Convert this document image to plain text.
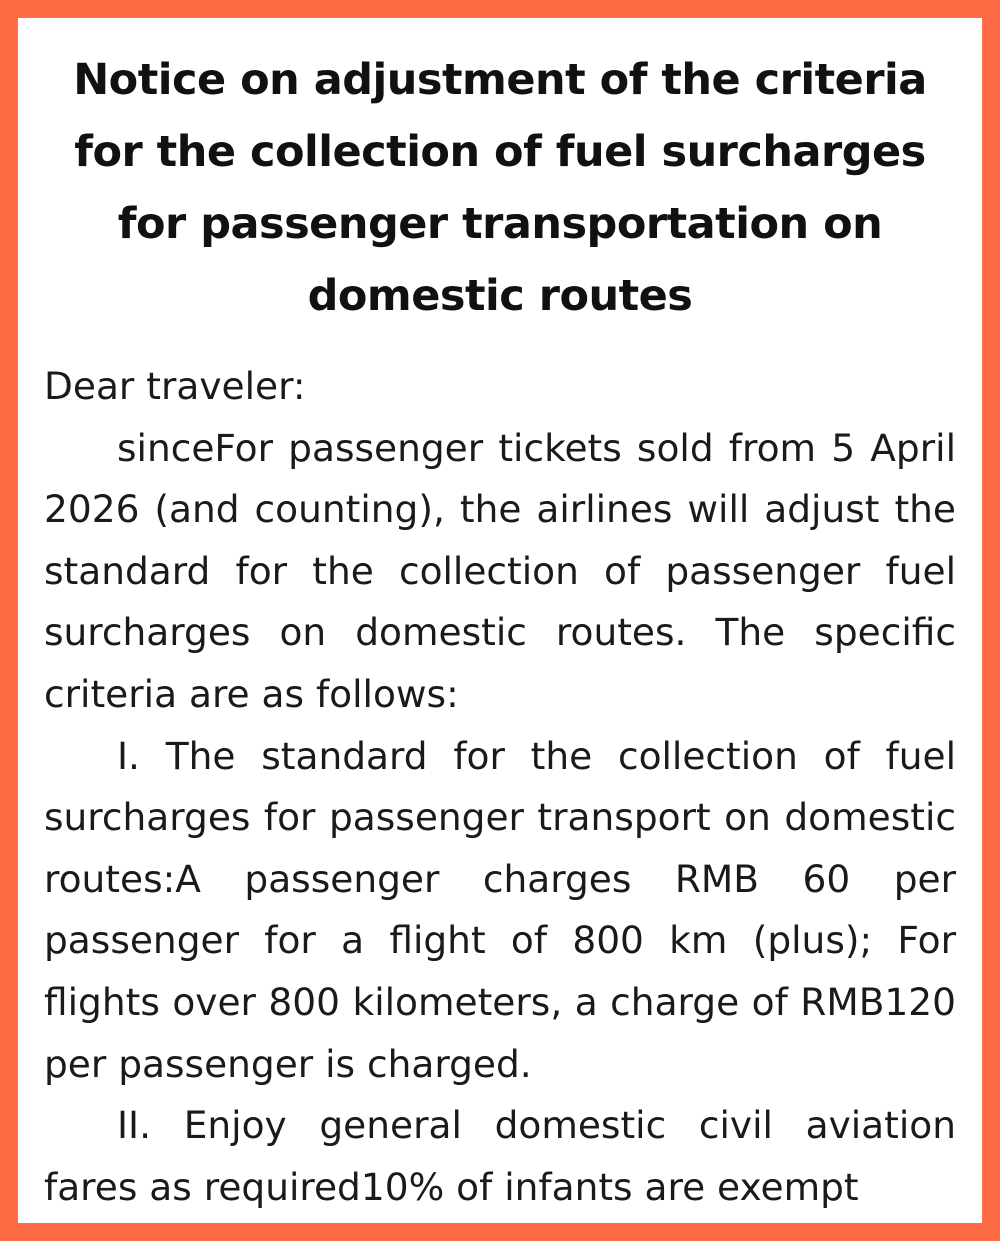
Notice on adjustment of the criteria for the collection of fuel surcharges for passenger transportation on domestic routes

Dear traveler:

sinceFor passenger tickets sold from 5 April 2026 (and counting), the airlines will adjust the standard for the collection of passenger fuel surcharges on domestic routes. The specific criteria are as follows:

I. The standard for the collection of fuel surcharges for passenger transport on domestic routes:A passenger charges RMB 60 per passenger for a flight of 800 km (plus); For flights over 800 kilometers, a charge of RMB120 per passenger is charged.

II. Enjoy general domestic civil aviation fares as required10% of infants are exempt
